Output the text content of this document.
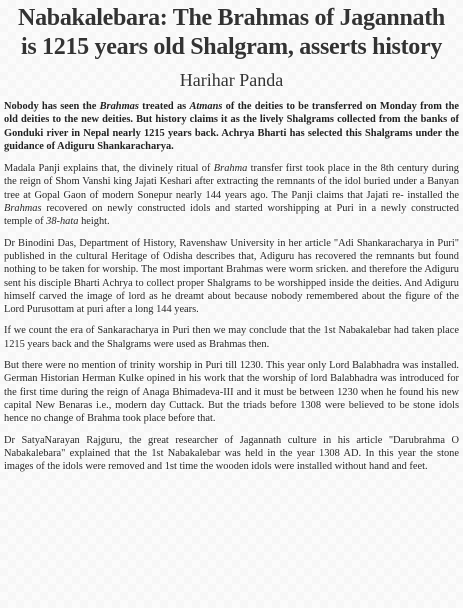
Nabakalebara: The Brahmas of Jagannath
is 1215 years old Shalgram, asserts history
Harihar Panda

Nobody has seen the Brahmas treated as Atmans of the deities to be transferred on Monday from the old deities to the new deities. But history claims it as the lively Shalgrams collected from the banks of Gonduki river in Nepal nearly 1215 years back. Achrya Bharti has selected this Shalgrams under the guidance of Adiguru Shankaracharya.

Madala Panji explains that, the divinely ritual of Brahma transfer first took place in the 8th century during the reign of Shom Vanshi king Jajati Keshari after extracting the remnants of the idol buried under a Banyan tree at Gopal Gaon of modern Sonepur nearly 144 years ago. The Panji claims that Jajati re- installed the Brahmas recovered on newly constructed idols and started worshipping at Puri in a newly constructed temple of 38-hata height.

Dr Binodini Das, Department of History, Ravenshaw University in her article "Adi Shankaracharya in Puri" published in the cultural Heritage of Odisha describes that, Adiguru has recovered the remnants but found nothing to be taken for worship. The most important Brahmas were worm sricken. and therefore the Adiguru sent his disciple Bharti Achrya to collect proper Shalgrams to be worshipped inside the deities. And Adiguru himself carved the image of lord as he dreamt about because nobody remembered about the figure of the Lord Purusottam at puri after a long 144 years.

If we count the era of Sankaracharya in Puri then we may conclude that the 1st Nabakalebar had taken place 1215 years back and the Shalgrams were used as Brahmas then.

But there were no mention of trinity worship in Puri till 1230. This year only Lord Balabhadra was installed. German Historian Herman Kulke opined in his work that the worship of lord Balabhadra was introduced for the first time during the reign of Anaga Bhimadeva-III and it must be between 1230 when he found his new capital New Benaras i.e., modern day Cuttack. But the triads before 1308 were believed to be stone idols hence no change of Brahma took place before that.

Dr SatyaNarayan Rajguru, the great researcher of Jagannath culture in his article "Darubrahma O Nabakalebara" explained that the 1st Nabakalebar was held in the year 1308 AD. In this year the stone images of the idols were removed and 1st time the wooden idols were installed without hand and feet.
